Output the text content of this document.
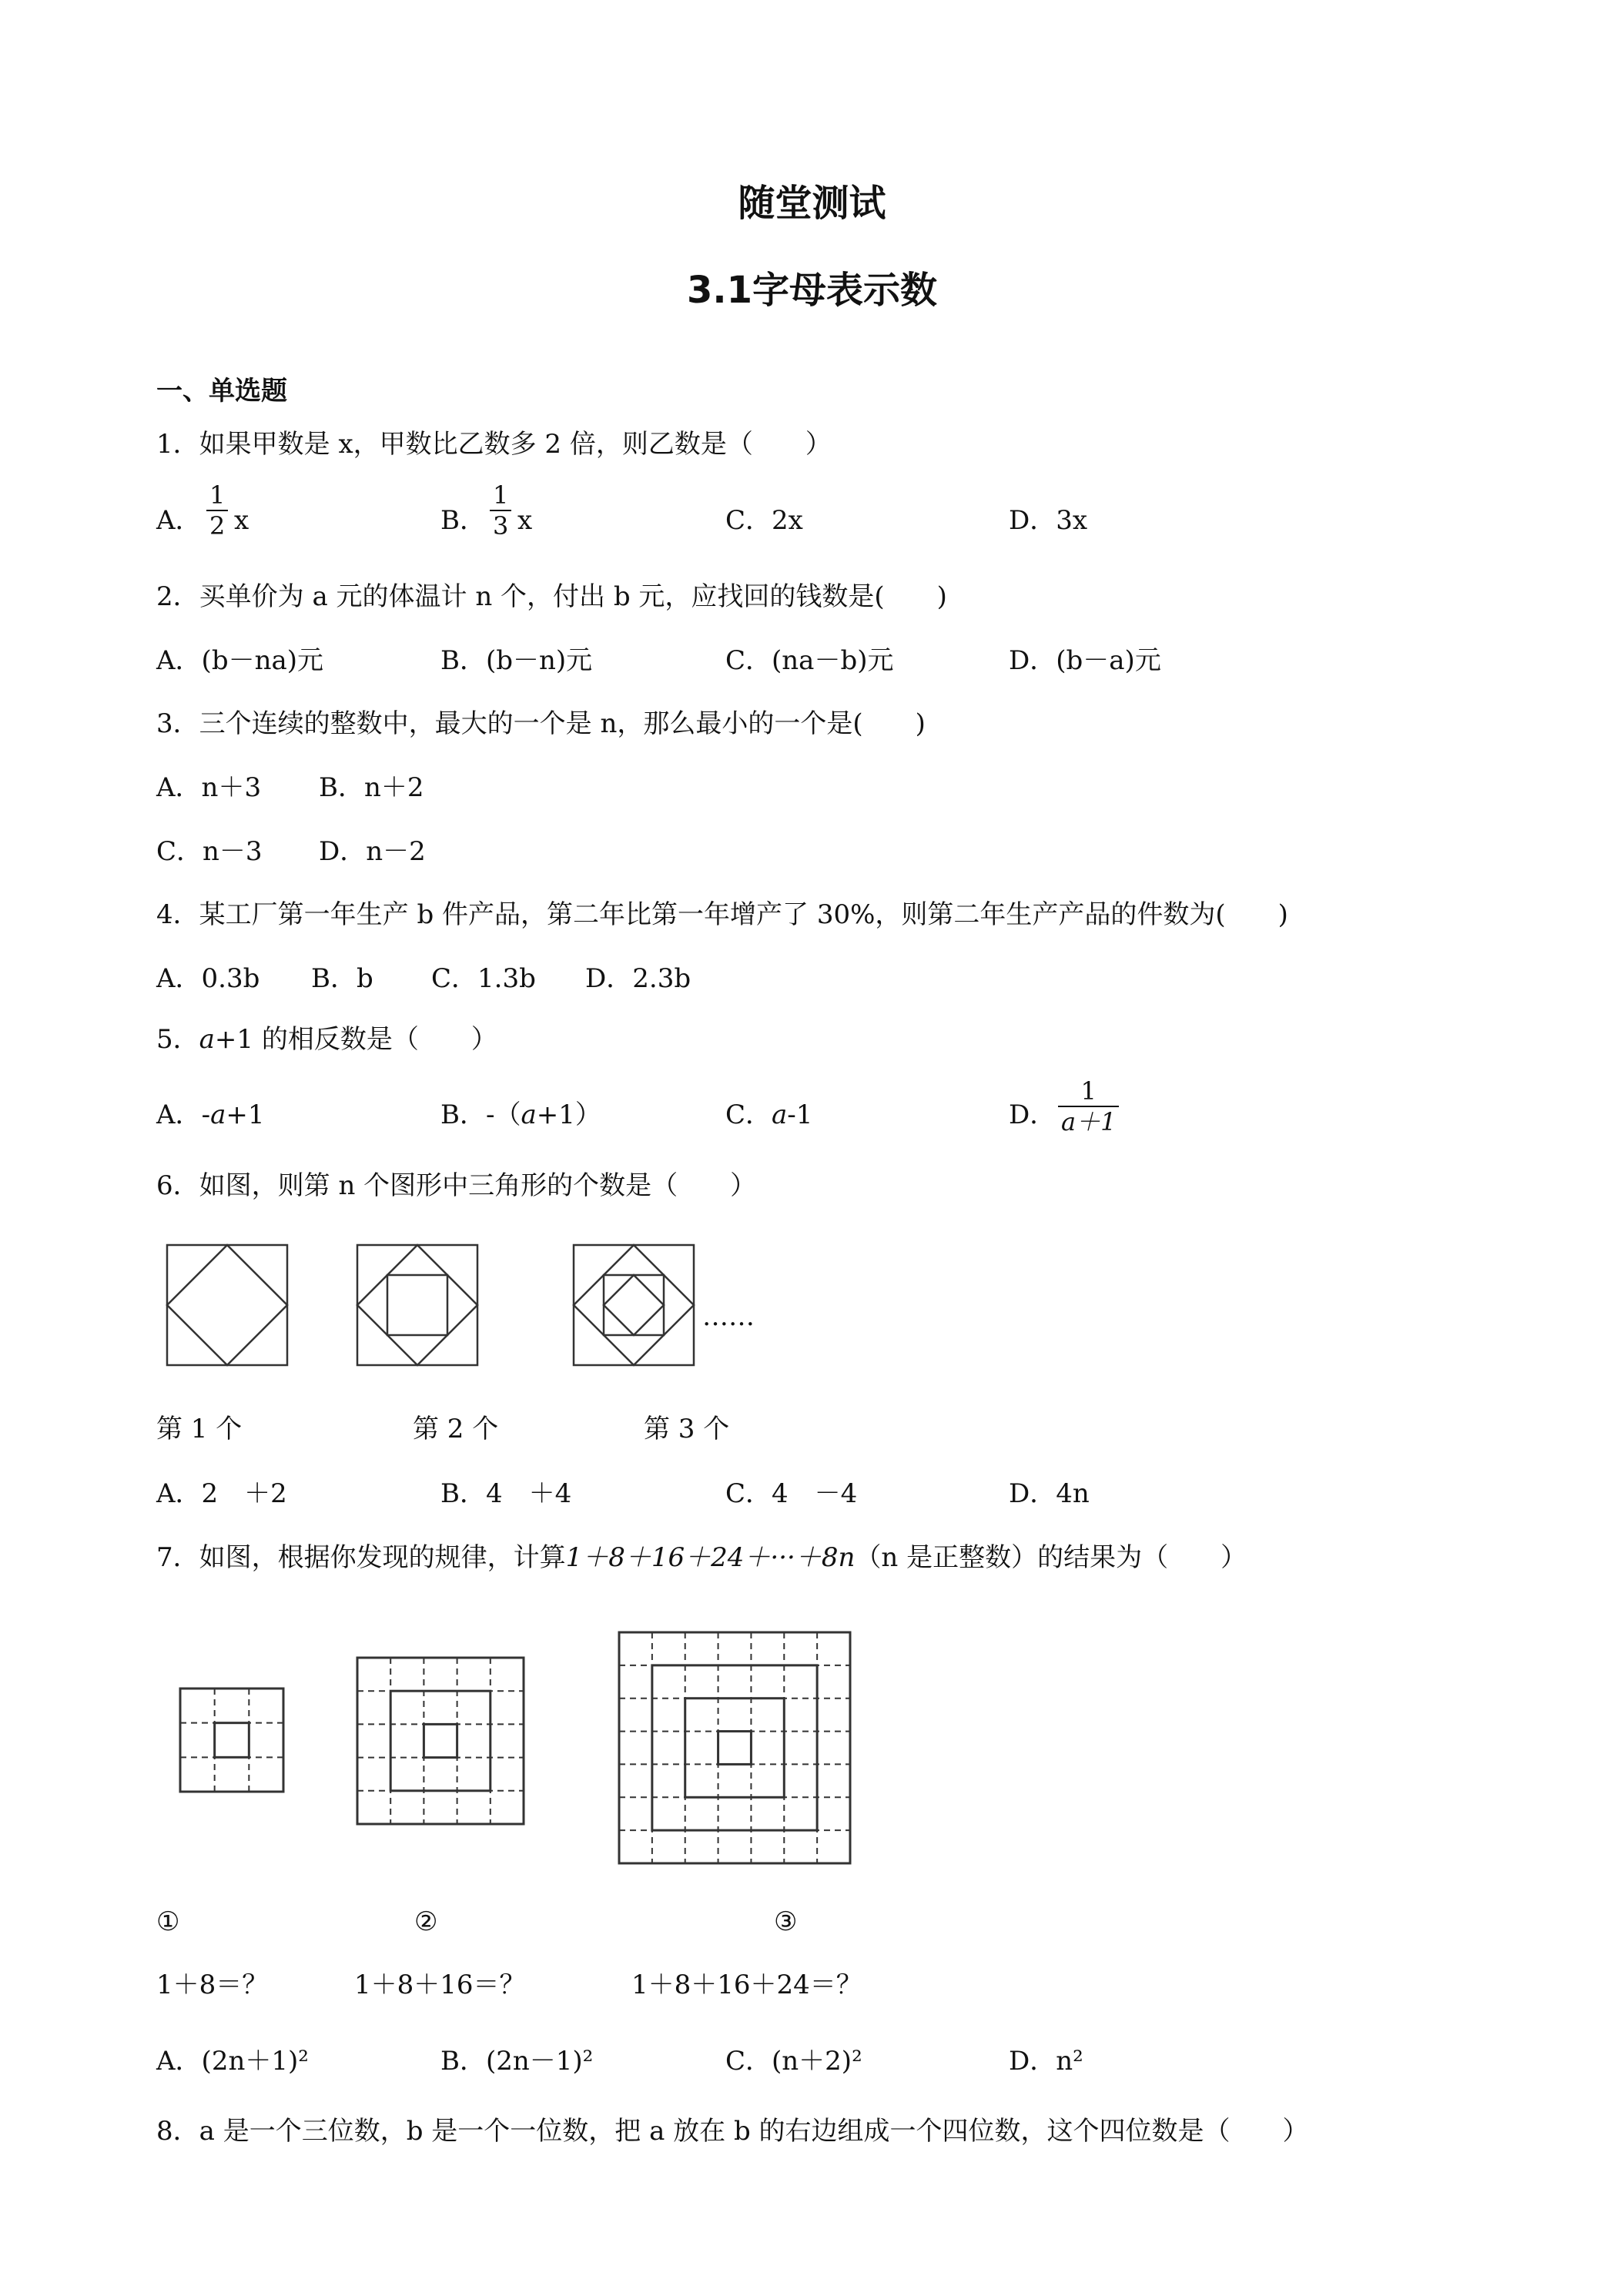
随堂测试
3.1字母表示数
一、单选题
1．如果甲数是 x，甲数比乙数多 2 倍，则乙数是（　　）
A． $\frac{1}{2}$ x	B． $\frac{1}{3}$ x	C．2x	D．3x
2．买单价为 a 元的体温计 n 个，付出 b 元，应找回的钱数是(　　)
A．(b－na)元	B．(b－n)元	C．(na－b)元	D．(b－a)元
3．三个连续的整数中，最大的一个是 n，那么最小的一个是(　　)
A．n＋3 B．n＋2
C．n－3 D．n－2
4．某工厂第一年生产 b 件产品，第二年比第一年增产了 30%，则第二年生产产品的件数为(　　)
A．0.3b B．b C．1.3b D．2.3b
5．a+1 的相反数是（　　）
A．-a+1	B．-（a+1）	C．a-1	D． $\frac{1}{a+1}$
6．如图，则第 n 个图形中三角形的个数是（　　）
……
第 1 个	第 2 个	第 3 个
A．2　＋2	B．4　＋4	C．4　－4	D．4n
7．如图，根据你发现的规律，计算1＋8＋16＋24＋···＋8n（n 是正整数）的结果为（　　）
①	②	③
1＋8＝？	1＋8＋16＝？	1＋8＋16＋24＝？
A．(2n＋1)²	B．(2n－1)²	C．(n＋2)²	D．n²
8．a 是一个三位数，b 是一个一位数，把 a 放在 b 的右边组成一个四位数，这个四位数是（　　）
